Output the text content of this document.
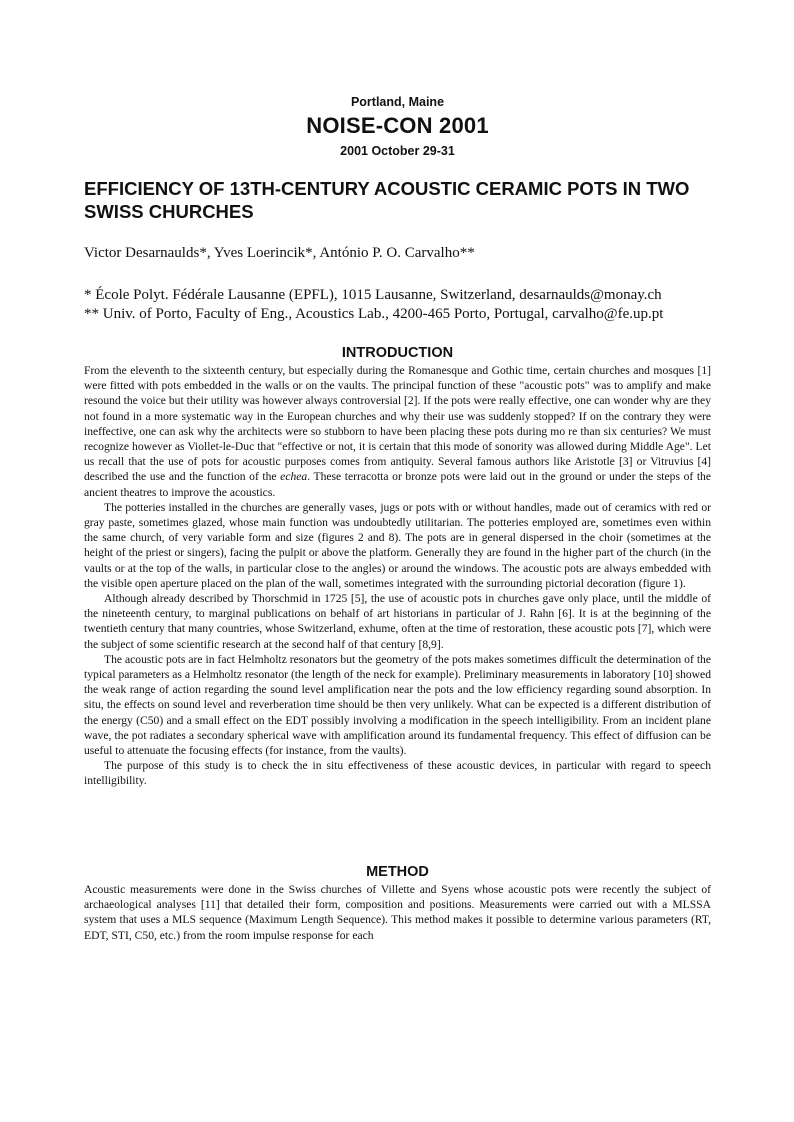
Portland, Maine
NOISE-CON 2001
2001 October 29-31
EFFICIENCY OF 13TH-CENTURY ACOUSTIC CERAMIC POTS IN TWO SWISS CHURCHES
Victor Desarnaulds*, Yves Loerincik*, António P. O. Carvalho**
* École Polyt. Fédérale Lausanne (EPFL), 1015 Lausanne, Switzerland, desarnaulds@monay.ch
** Univ. of Porto, Faculty of Eng., Acoustics Lab., 4200-465 Porto, Portugal, carvalho@fe.up.pt
INTRODUCTION

From the eleventh to the sixteenth century, but especially during the Romanesque and Gothic time, certain churches and mosques [1] were fitted with pots embedded in the walls or on the vaults. The principal function of these "acoustic pots" was to amplify and make resound the voice but their utility was however always controversial [2]. If the pots were really effective, one can wonder why are they not found in a more systematic way in the European churches and why their use was suddenly stopped? If on the contrary they were ineffective, one can ask why the architects were so stubborn to have been placing these pots during mo re than six centuries? We must recognize however as Viollet-le-Duc that "effective or not, it is certain that this mode of sonority was allowed during Middle Age". Let us recall that the use of pots for acoustic purposes comes from antiquity. Several famous authors like Aristotle [3] or Vitruvius [4] described the use and the function of the echea. These terracotta or bronze pots were laid out in the ground or under the steps of the ancient theatres to improve the acoustics.

The potteries installed in the churches are generally vases, jugs or pots with or without handles, made out of ceramics with red or gray paste, sometimes glazed, whose main function was undoubtedly utilitarian. The potteries employed are, sometimes even within the same church, of very variable form and size (figures 2 and 8). The pots are in general dispersed in the choir (sometimes at the height of the priest or singers), facing the pulpit or above the platform. Generally they are found in the higher part of the church (in the vaults or at the top of the walls, in particular close to the angles) or around the windows. The acoustic pots are always embedded with the visible open aperture placed on the plan of the wall, sometimes integrated with the surrounding pictorial decoration (figure 1).

Although already described by Thorschmid in 1725 [5], the use of acoustic pots in churches gave only place, until the middle of the nineteenth century, to marginal publications on behalf of art historians in particular of J. Rahn [6]. It is at the beginning of the twentieth century that many countries, whose Switzerland, exhume, often at the time of restoration, these acoustic pots [7], which were the subject of some scientific research at the second half of that century [8,9].

The acoustic pots are in fact Helmholtz resonators but the geometry of the pots makes sometimes difficult the determination of the typical parameters as a Helmholtz resonator (the length of the neck for example). Preliminary measurements in laboratory [10] showed the weak range of action regarding the sound level amplification near the pots and the low efficiency regarding sound absorption. In situ, the effects on sound level and reverberation time should be then very unlikely. What can be expected is a different distribution of the energy (C50) and a small effect on the EDT possibly involving a modification in the speech intelligibility. From an incident plane wave, the pot radiates a secondary spherical wave with amplification around its fundamental frequency. This effect of diffusion can be useful to attenuate the focusing effects (for instance, from the vaults).

The purpose of this study is to check the in situ effectiveness of these acoustic devices, in particular with regard to speech intelligibility.

METHOD

Acoustic measurements were done in the Swiss churches of Villette and Syens whose acoustic pots were recently the subject of archaeological analyses [11] that detailed their form, composition and positions. Measurements were carried out with a MLSSA system that uses a MLS sequence (Maximum Length Sequence). This method makes it possible to determine various parameters (RT, EDT, STI, C50, etc.) from the room impulse response for each
